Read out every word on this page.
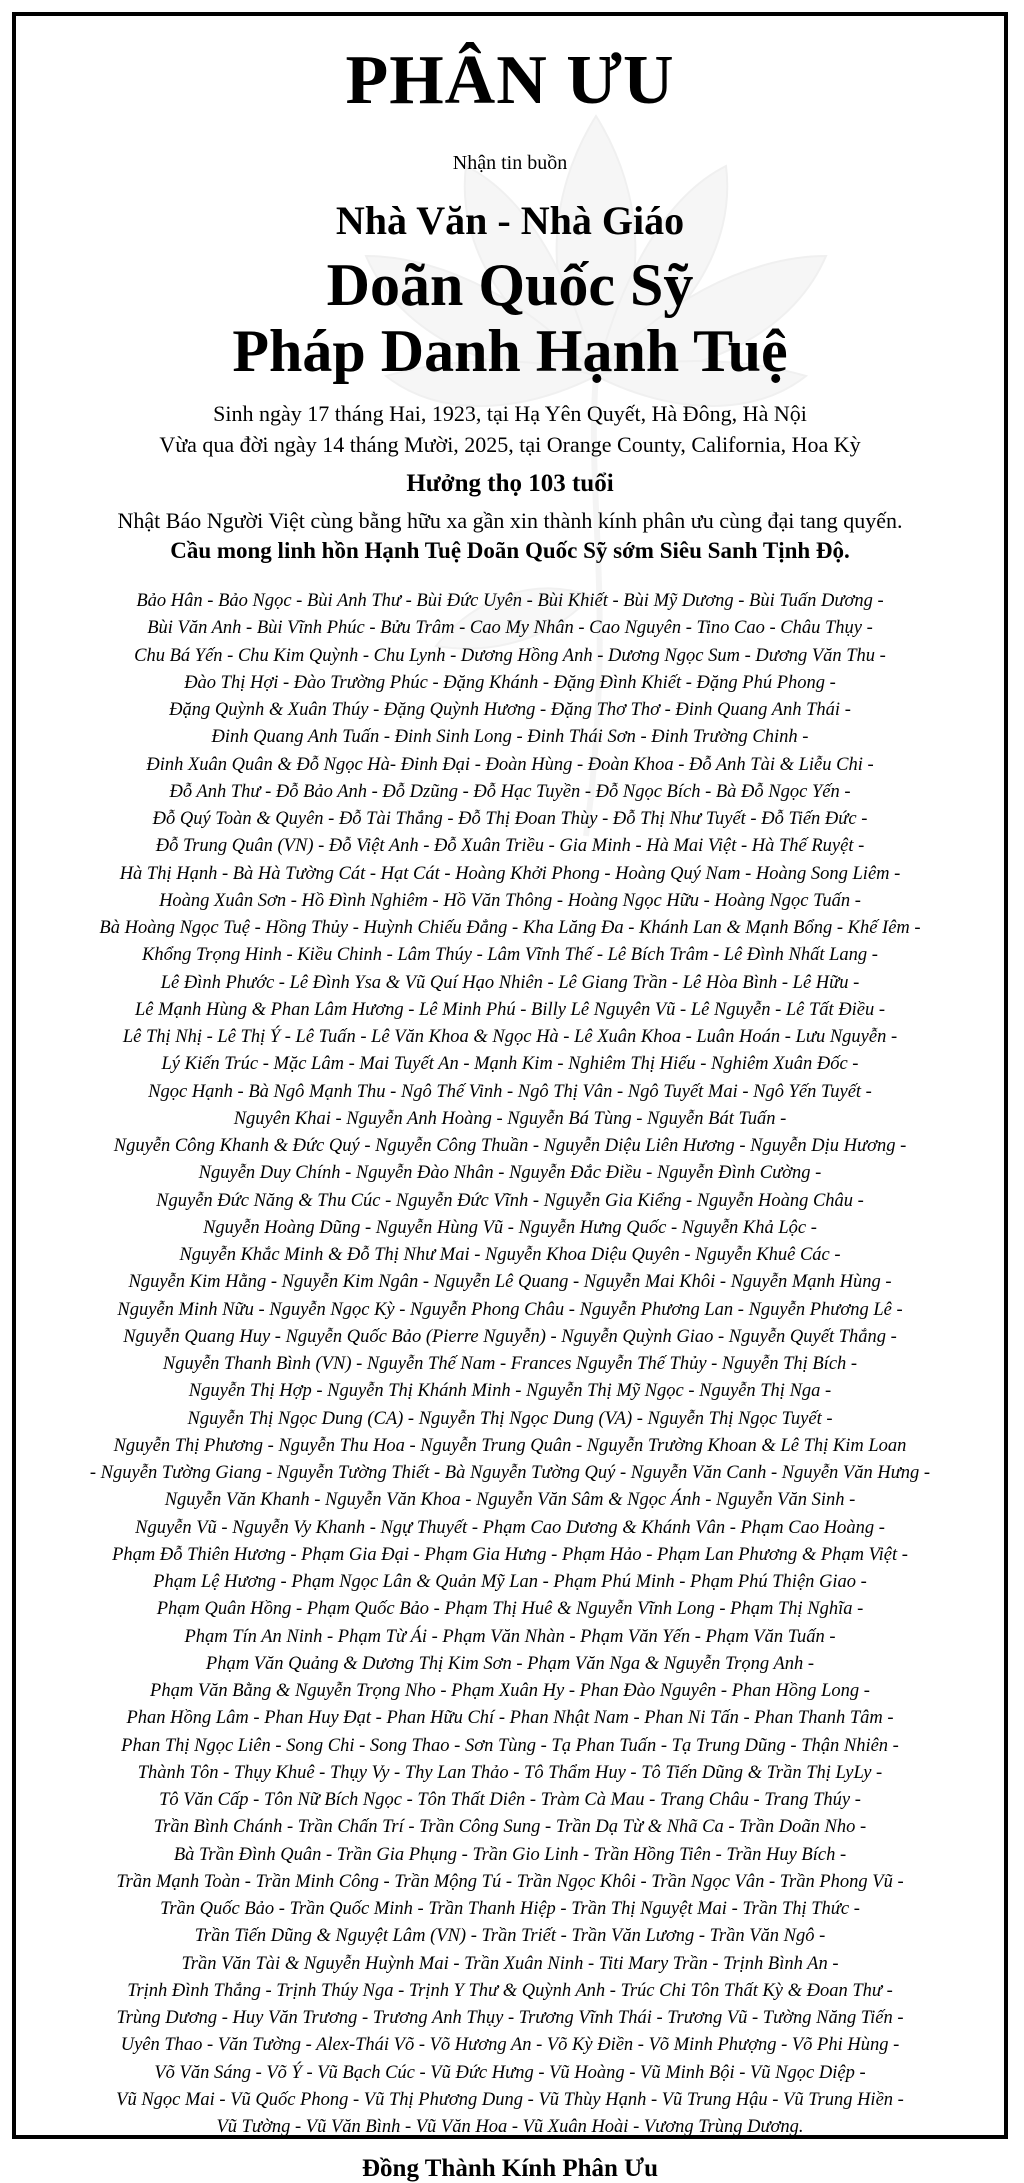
PHÂN ƯU
Nhận tin buồn
Nhà Văn - Nhà Giáo
Doãn Quốc Sỹ
Pháp Danh Hạnh Tuệ
Sinh ngày 17 tháng Hai, 1923, tại Hạ Yên Quyết, Hà Đông, Hà Nội
Vừa qua đời ngày 14 tháng Mười, 2025, tại Orange County, California, Hoa Kỳ
Hưởng thọ 103 tuổi
Nhật Báo Người Việt cùng bằng hữu xa gần xin thành kính phân ưu cùng đại tang quyến.
Cầu mong linh hồn Hạnh Tuệ Doãn Quốc Sỹ sớm Siêu Sanh Tịnh Độ.
Bảo Hân - Bảo Ngọc - Bùi Anh Thư - Bùi Đức Uyên - Bùi Khiết - Bùi Mỹ Dương - Bùi Tuấn Dương -
Bùi Văn Anh - Bùi Vĩnh Phúc - Bửu Trâm - Cao My Nhân - Cao Nguyên - Tino Cao - Châu Thụy -
Chu Bá Yến - Chu Kim Quỳnh - Chu Lynh - Dương Hồng Anh - Dương Ngọc Sum - Dương Văn Thu -
Đào Thị Hợi - Đào Trường Phúc - Đặng Khánh - Đặng Đình Khiết - Đặng Phú Phong -
Đặng Quỳnh & Xuân Thúy - Đặng Quỳnh Hương - Đặng Thơ Thơ - Đinh Quang Anh Thái -
Đinh Quang Anh Tuấn - Đinh Sinh Long - Đinh Thái Sơn - Đinh Trường Chinh -
Đinh Xuân Quân & Đỗ Ngọc Hà- Đinh Đại - Đoàn Hùng - Đoàn Khoa - Đỗ Anh Tài & Liễu Chi -
Đỗ Anh Thư - Đỗ Bảo Anh - Đỗ Dzũng - Đỗ Hạc Tuyền - Đỗ Ngọc Bích - Bà Đỗ Ngọc Yến -
Đỗ Quý Toàn & Quyên - Đỗ Tài Thắng - Đỗ Thị Đoan Thùy - Đỗ Thị Như Tuyết - Đỗ Tiến Đức -
Đỗ Trung Quân (VN) - Đỗ Việt Anh - Đỗ Xuân Triều - Gia Minh - Hà Mai Việt - Hà Thế Ruyệt -
Hà Thị Hạnh - Bà Hà Tường Cát - Hạt Cát - Hoàng Khởi Phong - Hoàng Quý Nam - Hoàng Song Liêm -
Hoàng Xuân Sơn - Hồ Đình Nghiêm - Hồ Văn Thông - Hoàng Ngọc Hữu - Hoàng Ngọc Tuấn -
Bà Hoàng Ngọc Tuệ - Hồng Thủy - Huỳnh Chiếu Đẳng - Kha Lăng Đa - Khánh Lan & Mạnh Bổng - Khế Iêm -
Khổng Trọng Hinh - Kiều Chinh - Lâm Thúy - Lâm Vĩnh Thế - Lê Bích Trâm - Lê Đình Nhất Lang -
Lê Đình Phước - Lê Đình Ysa & Vũ Quí Hạo Nhiên - Lê Giang Trần - Lê Hòa Bình - Lê Hữu -
Lê Mạnh Hùng & Phan Lâm Hương - Lê Minh Phú - Billy Lê Nguyên Vũ - Lê Nguyễn - Lê Tất Điều -
Lê Thị Nhị - Lê Thị Ý - Lê Tuấn - Lê Văn Khoa & Ngọc Hà - Lê Xuân Khoa - Luân Hoán - Lưu Nguyễn -
Lý Kiến Trúc - Mặc Lâm - Mai Tuyết An - Mạnh Kim - Nghiêm Thị Hiếu - Nghiêm Xuân Đốc -
Ngọc Hạnh - Bà Ngô Mạnh Thu - Ngô Thế Vinh - Ngô Thị Vân - Ngô Tuyết Mai - Ngô Yến Tuyết -
Nguyên Khai - Nguyễn Anh Hoàng - Nguyễn Bá Tùng - Nguyễn Bát Tuấn -
Nguyễn Công Khanh & Đức Quý - Nguyễn Công Thuần - Nguyễn Diệu Liên Hương - Nguyễn Dịu Hương -
Nguyễn Duy Chính - Nguyễn Đào Nhân - Nguyễn Đắc Điều - Nguyễn Đình Cường -
Nguyễn Đức Năng & Thu Cúc - Nguyễn Đức Vĩnh - Nguyễn Gia Kiểng - Nguyễn Hoàng Châu -
Nguyễn Hoàng Dũng - Nguyễn Hùng Vũ - Nguyễn Hưng Quốc - Nguyễn Khả Lộc -
Nguyễn Khắc Minh & Đỗ Thị Như Mai - Nguyễn Khoa Diệu Quyên - Nguyễn Khuê Các -
Nguyễn Kim Hằng - Nguyễn Kim Ngân - Nguyễn Lê Quang - Nguyễn Mai Khôi - Nguyễn Mạnh Hùng -
Nguyễn Minh Nữu - Nguyễn Ngọc Kỳ - Nguyễn Phong Châu - Nguyễn Phương Lan - Nguyễn Phương Lê -
Nguyễn Quang Huy - Nguyễn Quốc Bảo (Pierre Nguyễn) - Nguyễn Quỳnh Giao - Nguyễn Quyết Thắng -
Nguyễn Thanh Bình (VN) - Nguyễn Thế Nam - Frances Nguyễn Thế Thủy - Nguyễn Thị Bích -
Nguyễn Thị Hợp - Nguyễn Thị Khánh Minh - Nguyễn Thị Mỹ Ngọc - Nguyễn Thị Nga -
Nguyễn Thị Ngọc Dung (CA) - Nguyễn Thị Ngọc Dung (VA) - Nguyễn Thị Ngọc Tuyết -
Nguyễn Thị Phương - Nguyễn Thu Hoa - Nguyễn Trung Quân - Nguyễn Trường Khoan & Lê Thị Kim Loan
- Nguyễn Tường Giang - Nguyễn Tường Thiết - Bà Nguyễn Tường Quý - Nguyễn Văn Canh - Nguyễn Văn Hưng -
Nguyễn Văn Khanh - Nguyễn Văn Khoa - Nguyễn Văn Sâm & Ngọc Ánh - Nguyễn Văn Sinh -
Nguyễn Vũ - Nguyễn Vy Khanh - Ngự Thuyết - Phạm Cao Dương & Khánh Vân - Phạm Cao Hoàng -
Phạm Đỗ Thiên Hương - Phạm Gia Đại - Phạm Gia Hưng - Phạm Hảo - Phạm Lan Phương & Phạm Việt -
Phạm Lệ Hương - Phạm Ngọc Lân & Quản Mỹ Lan - Phạm Phú Minh - Phạm Phú Thiện Giao -
Phạm Quân Hồng - Phạm Quốc Bảo - Phạm Thị Huê & Nguyễn Vĩnh Long - Phạm Thị Nghĩa -
Phạm Tín An Ninh - Phạm Từ Ái - Phạm Văn Nhàn - Phạm Văn Yến - Phạm Văn Tuấn -
Phạm Văn Quảng & Dương Thị Kim Sơn - Phạm Văn Nga & Nguyễn Trọng Anh -
Phạm Văn Bằng & Nguyễn Trọng Nho - Phạm Xuân Hy - Phan Đào Nguyên - Phan Hồng Long -
Phan Hồng Lâm - Phan Huy Đạt - Phan Hữu Chí - Phan Nhật Nam - Phan Ni Tấn - Phan Thanh Tâm -
Phan Thị Ngọc Liên - Song Chi - Song Thao - Sơn Tùng - Tạ Phan Tuấn - Tạ Trung Dũng - Thận Nhiên -
Thành Tôn - Thụy Khuê - Thụy Vy - Thy Lan Thảo - Tô Thẩm Huy - Tô Tiến Dũng & Trần Thị LyLy -
Tô Văn Cấp - Tôn Nữ Bích Ngọc - Tôn Thất Diên - Tràm Cà Mau - Trang Châu - Trang Thúy -
Trần Bình Chánh - Trần Chấn Trí - Trần Công Sung - Trần Dạ Từ & Nhã Ca - Trần Doãn Nho -
Bà Trần Đình Quân - Trần Gia Phụng - Trần Gio Linh - Trần Hồng Tiên - Trần Huy Bích -
Trần Mạnh Toàn - Trần Minh Công - Trần Mộng Tú - Trần Ngọc Khôi - Trần Ngọc Vân - Trần Phong Vũ -
Trần Quốc Bảo - Trần Quốc Minh - Trần Thanh Hiệp - Trần Thị Nguyệt Mai - Trần Thị Thức -
Trần Tiến Dũng & Nguyệt Lâm (VN) - Trần Triết - Trần Văn Lương - Trần Văn Ngô -
Trần Văn Tài & Nguyễn Huỳnh Mai - Trần Xuân Ninh - Titi Mary Trần - Trịnh Bình An -
Trịnh Đình Thắng - Trịnh Thúy Nga - Trịnh Y Thư & Quỳnh Anh - Trúc Chi Tôn Thất Kỳ & Đoan Thư -
Trùng Dương - Huy Văn Trương - Trương Anh Thụy - Trương Vĩnh Thái - Trương Vũ - Tường Năng Tiến -
Uyên Thao - Văn Tường - Alex-Thái Võ - Võ Hương An - Võ Kỳ Điền - Võ Minh Phượng - Võ Phi Hùng -
Võ Văn Sáng - Võ Ý - Vũ Bạch Cúc - Vũ Đức Hưng - Vũ Hoàng - Vũ Minh Bội - Vũ Ngọc Diệp -
Vũ Ngọc Mai - Vũ Quốc Phong - Vũ Thị Phương Dung - Vũ Thùy Hạnh - Vũ Trung Hậu - Vũ Trung Hiền -
Vũ Tường - Vũ Văn Bình - Vũ Văn Hoa - Vũ Xuân Hoài - Vương Trùng Dương.
Đồng Thành Kính Phân Ưu
